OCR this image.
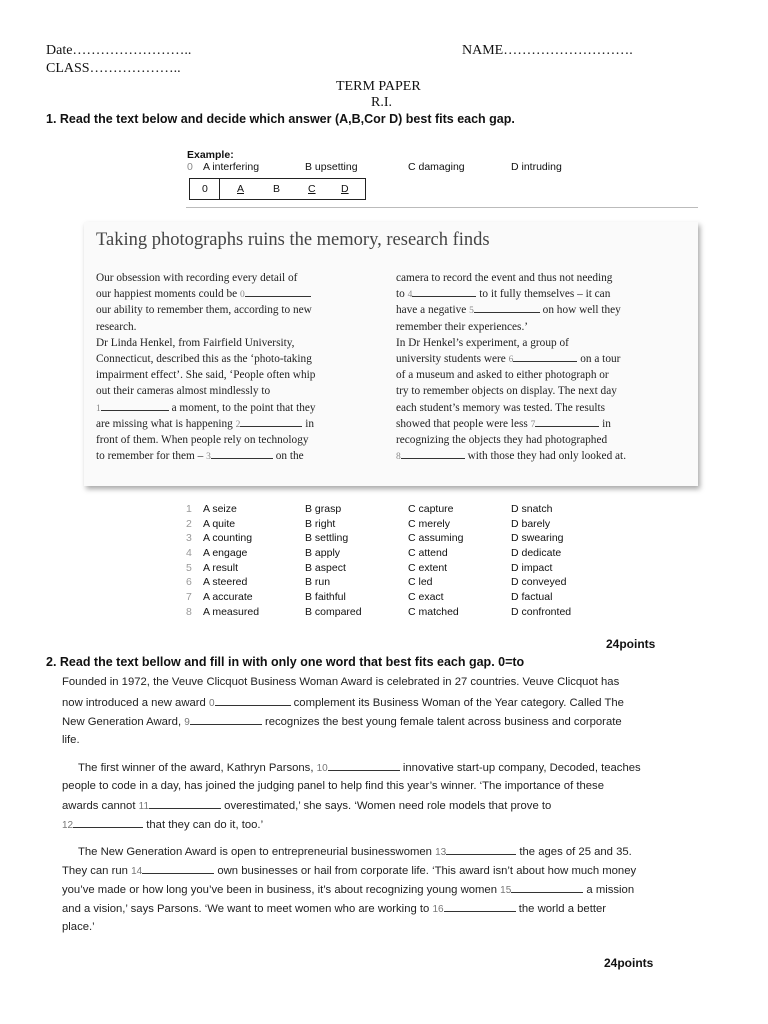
Date……………………..	NAME……………………….
CLASS………………..
TERM PAPER
R.I.
1. Read the text below and decide which answer (A,B,Cor D) best fits each gap.
Example:
0 A interfering	B upsetting	C damaging	D intruding
0	A	B	C D
Taking photographs ruins the memory, research finds
Our obsession with recording every detail of
our happiest moments could be 0
our ability to remember them, according to new
research.
Dr Linda Henkel, from Fairfield University,
Connecticut, described this as the ‘photo-taking
impairment effect’. She said, ‘People often whip
out their cameras almost mindlessly to
1	a moment, to the point that they
are missing what is happening 2	in
front of them. When people rely on technology
to remember for them – 3	on the
camera to record the event and thus not needing
to 4	to it fully themselves – it can
have a negative 5	on how well they
remember their experiences.’
In Dr Henkel’s experiment, a group of
university students were 6	on a tour
of a museum and asked to either photograph or
try to remember objects on display. The next day
each student’s memory was tested. The results
showed that people were less 7	in
recognizing the objects they had photographed
8	with those they had only looked at.
1 A seize	B grasp	C capture	D snatch
2 A quite	B right	C merely	D barely
3 A counting	B settling	C assuming	D swearing
4 A engage	B apply	C attend	D dedicate
5 A result	B aspect	C extent	D impact
6 A steered	B run	C led	D conveyed
7 A accurate	B faithful	C exact	D factual
8 A measured	B compared	C matched	D confronted
24points
2. Read the text bellow and fill in with only one word that best fits each gap. 0=to
Founded in 1972, the Veuve Clicquot Business Woman Award is celebrated in 27 countries. Veuve Clicquot has
now introduced a new award 0	complement its Business Woman of the Year category. Called The
New Generation Award, 9	recognizes the best young female talent across business and corporate
life.
The first winner of the award, Kathryn Parsons, 10	innovative start-up company, Decoded, teaches
people to code in a day, has joined the judging panel to help find this year’s winner. ‘The importance of these
awards cannot 11	overestimated,’ she says. ‘Women need role models that prove to
12	that they can do it, too.’
The New Generation Award is open to entrepreneurial businesswomen 13	the ages of 25 and 35.
They can run 14	own businesses or hail from corporate life. ‘This award isn’t about how much money
you’ve made or how long you’ve been in business, it’s about recognizing young women 15	a mission
and a vision,’ says Parsons. ‘We want to meet women who are working to 16	the world a better
place.’
24points
